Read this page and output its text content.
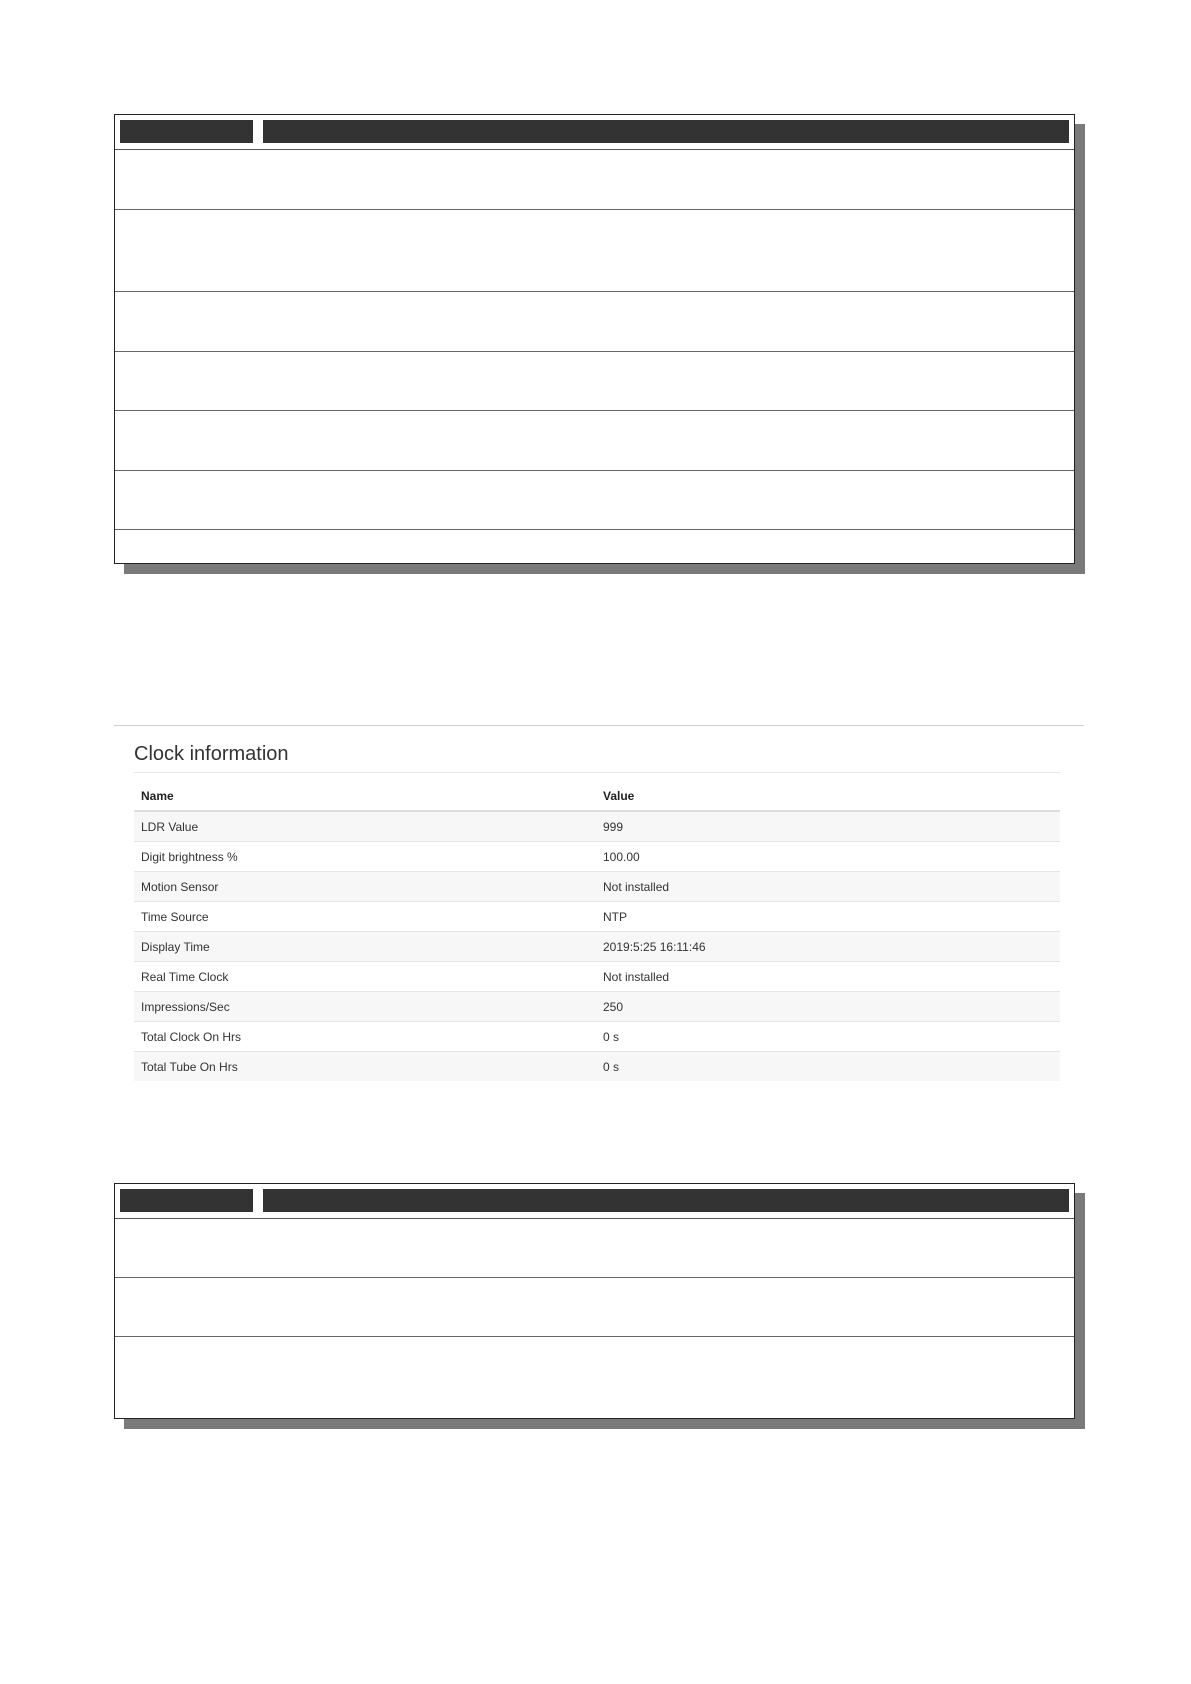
Clock information
Name	Value
LDR Value	999
Digit brightness %	100.00
Motion Sensor	Not installed
Time Source	NTP
Display Time	2019:5:25 16:11:46
Real Time Clock	Not installed
Impressions/Sec	250
Total Clock On Hrs	0 s
Total Tube On Hrs	0 s
